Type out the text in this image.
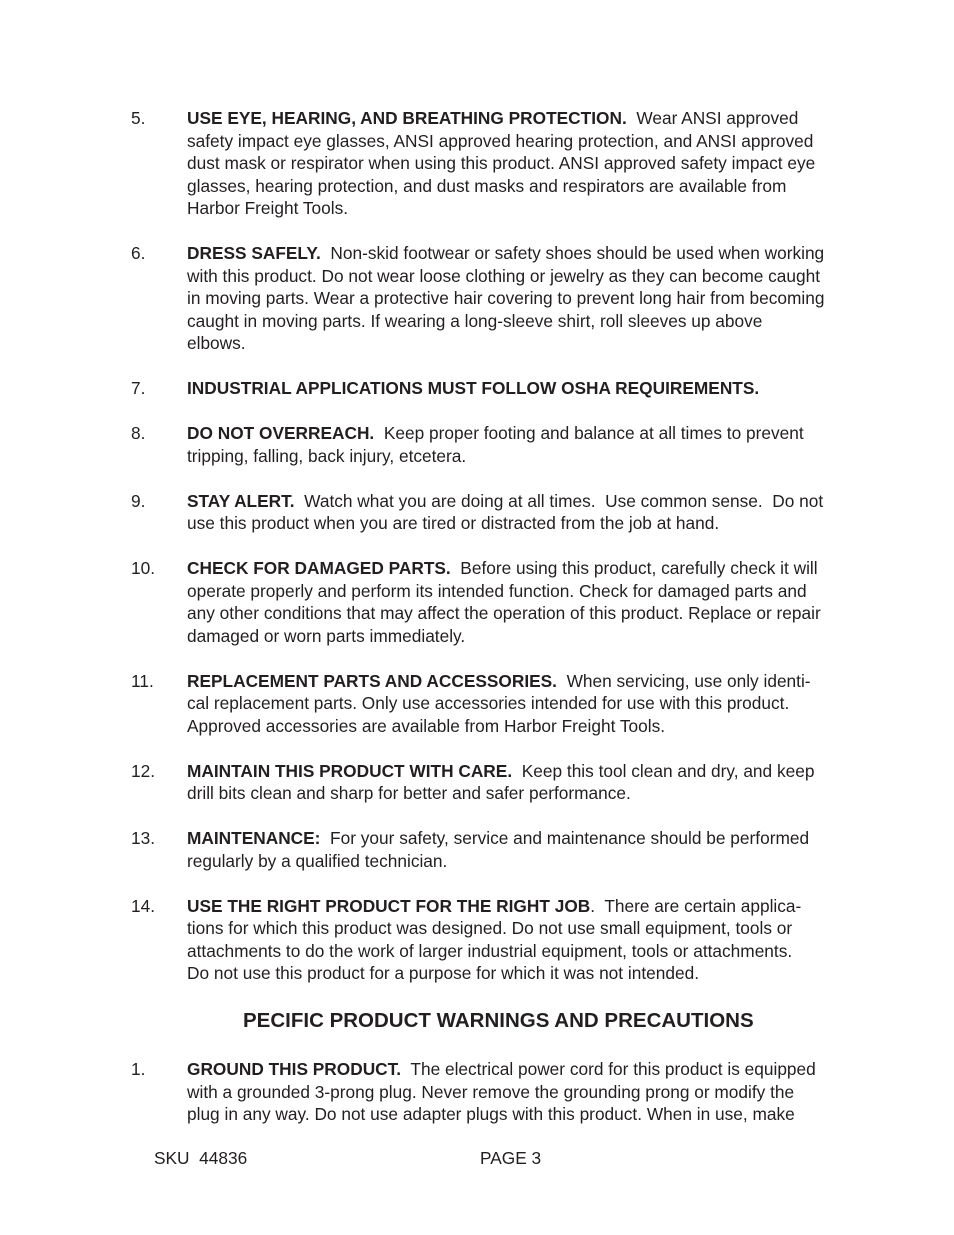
5. USE EYE, HEARING, AND BREATHING PROTECTION.  Wear ANSI approved
safety impact eye glasses, ANSI approved hearing protection, and ANSI approved
dust mask or respirator when using this product. ANSI approved safety impact eye
glasses, hearing protection, and dust masks and respirators are available from
Harbor Freight Tools.
6. DRESS SAFELY.  Non-skid footwear or safety shoes should be used when working
with this product. Do not wear loose clothing or jewelry as they can become caught
in moving parts. Wear a protective hair covering to prevent long hair from becoming
caught in moving parts. If wearing a long-sleeve shirt, roll sleeves up above
elbows.
7. INDUSTRIAL APPLICATIONS MUST FOLLOW OSHA REQUIREMENTS.
8. DO NOT OVERREACH.  Keep proper footing and balance at all times to prevent
tripping, falling, back injury, etcetera.
9. STAY ALERT.  Watch what you are doing at all times.  Use common sense.  Do not
use this product when you are tired or distracted from the job at hand.
10. CHECK FOR DAMAGED PARTS.  Before using this product, carefully check it will
operate properly and perform its intended function. Check for damaged parts and
any other conditions that may affect the operation of this product. Replace or repair
damaged or worn parts immediately.
11. REPLACEMENT PARTS AND ACCESSORIES.  When servicing, use only identi-
cal replacement parts. Only use accessories intended for use with this product.
Approved accessories are available from Harbor Freight Tools.
12. MAINTAIN THIS PRODUCT WITH CARE.  Keep this tool clean and dry, and keep
drill bits clean and sharp for better and safer performance.
13. MAINTENANCE:  For your safety, service and maintenance should be performed
regularly by a qualified technician.
14. USE THE RIGHT PRODUCT FOR THE RIGHT JOB.  There are certain applica-
tions for which this product was designed. Do not use small equipment, tools or
attachments to do the work of larger industrial equipment, tools or attachments.
Do not use this product for a purpose for which it was not intended.
PECIFIC PRODUCT WARNINGS AND PRECAUTIONS
1. GROUND THIS PRODUCT.  The electrical power cord for this product is equipped
with a grounded 3-prong plug. Never remove the grounding prong or modify the
plug in any way. Do not use adapter plugs with this product. When in use, make
SKU  44836	PAGE 3
